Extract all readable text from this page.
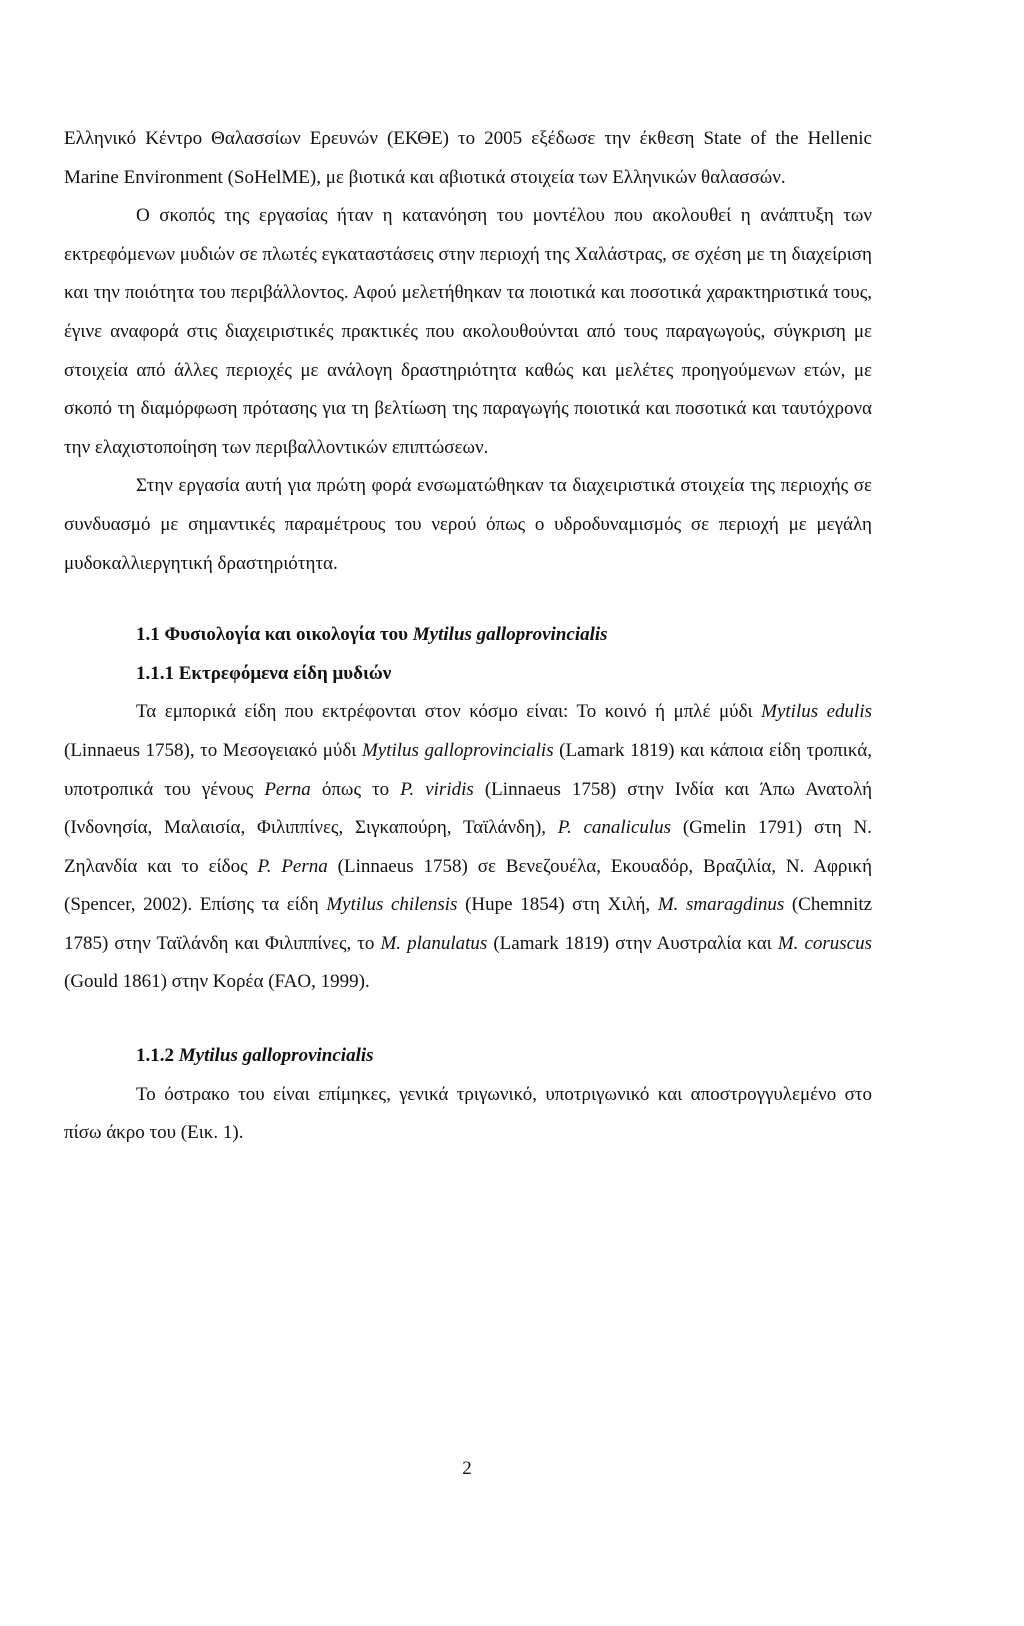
Ελληνικό Κέντρο Θαλασσίων Ερευνών (ΕΚΘΕ) το 2005 εξέδωσε την έκθεση State of the Hellenic Marine Environment (SoHelME), με βιοτικά και αβιοτικά στοιχεία των Ελληνικών θαλασσών.

Ο σκοπός της εργασίας ήταν η κατανόηση του μοντέλου που ακολουθεί η ανάπτυξη των εκτρεφόμενων μυδιών σε πλωτές εγκαταστάσεις στην περιοχή της Χαλάστρας, σε σχέση με τη διαχείριση και την ποιότητα του περιβάλλοντος. Αφού μελετήθηκαν τα ποιοτικά και ποσοτικά χαρακτηριστικά τους, έγινε αναφορά στις διαχειριστικές πρακτικές που ακολουθούνται από τους παραγωγούς, σύγκριση με στοιχεία από άλλες περιοχές με ανάλογη δραστηριότητα καθώς και μελέτες προηγούμενων ετών, με σκοπό τη διαμόρφωση πρότασης για τη βελτίωση της παραγωγής ποιοτικά και ποσοτικά και ταυτόχρονα την ελαχιστοποίηση των περιβαλλοντικών επιπτώσεων.

Στην εργασία αυτή για πρώτη φορά ενσωματώθηκαν τα διαχειριστικά στοιχεία της περιοχής σε συνδυασμό με σημαντικές παραμέτρους του νερού όπως ο υδροδυναμισμός σε περιοχή με μεγάλη μυδοκαλλιεργητική δραστηριότητα.

1.1 Φυσιολογία και οικολογία του Mytilus galloprovincialis

1.1.1 Εκτρεφόμενα είδη μυδιών

Τα εμπορικά είδη που εκτρέφονται στον κόσμο είναι: Το κοινό ή μπλέ μύδι Mytilus edulis (Linnaeus 1758), το Μεσογειακό μύδι Mytilus galloprovincialis (Lamark 1819) και κάποια είδη τροπικά, υποτροπικά του γένους Perna όπως το P. viridis (Linnaeus 1758) στην Ινδία και Άπω Ανατολή (Ινδονησία, Μαλαισία, Φιλιππίνες, Σιγκαπούρη, Ταϊλάνδη), P. canaliculus (Gmelin 1791) στη Ν. Ζηλανδία και το είδος P. Perna (Linnaeus 1758) σε Βενεζουέλα, Εκουαδόρ, Βραζιλία, Ν. Αφρική (Spencer, 2002). Επίσης τα είδη Mytilus chilensis (Hupe 1854) στη Χιλή, M. smaragdinus (Chemnitz 1785) στην Ταϊλάνδη και Φιλιππίνες, το M. planulatus (Lamark 1819) στην Αυστραλία και M. coruscus (Gould 1861) στην Κορέα (FAO, 1999).

1.1.2 Mytilus galloprovincialis

Το όστρακο του είναι επίμηκες, γενικά τριγωνικό, υποτριγωνικό και αποστρογγυλεμένο στο πίσω άκρο του (Εικ. 1).

2
